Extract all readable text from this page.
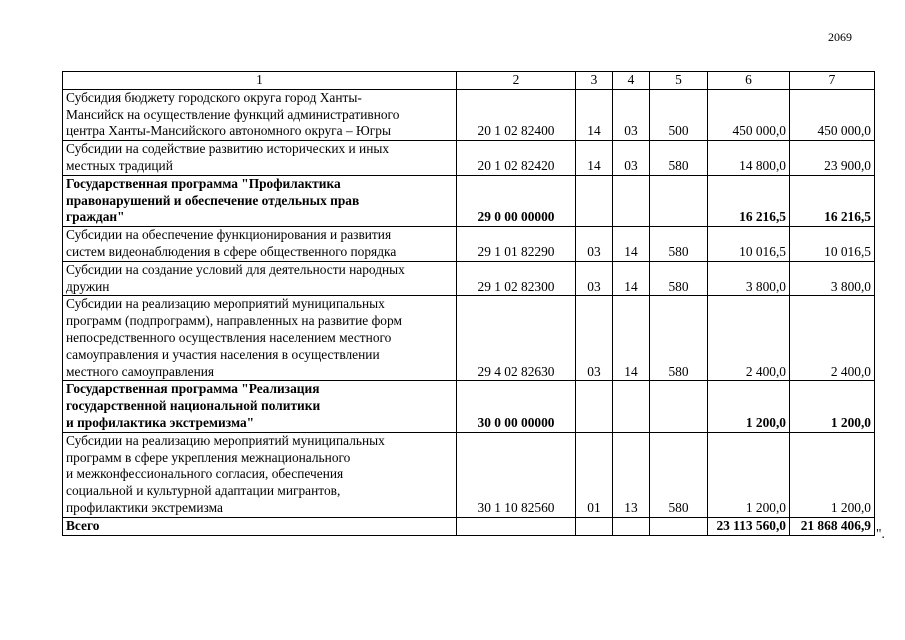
2069
1	2	3	4	5	6	7

Субсидия бюджету городского округа город Ханты-
Мансийск на осуществление функций административного
центра Ханты-Мансийского автономного округа – Югры	20 1 02 82400	14	03	500	450 000,0	450 000,0

Субсидии на содействие развитию исторических и иных
местных традиций	20 1 02 82420	14	03	580	14 800,0	23 900,0

Государственная программа "Профилактика
правонарушений и обеспечение отдельных прав
граждан"	29 0 00 00000				16 216,5	16 216,5

Субсидии на обеспечение функционирования и развития
систем видеонаблюдения в сфере общественного порядка	29 1 01 82290	03	14	580	10 016,5	10 016,5

Субсидии на создание условий для деятельности народных
дружин	29 1 02 82300	03	14	580	3 800,0	3 800,0

Субсидии на реализацию мероприятий муниципальных
программ (подпрограмм), направленных на развитие форм
непосредственного осуществления населением местного
самоуправления и участия населения в осуществлении
местного самоуправления	29 4 02 82630	03	14	580	2 400,0	2 400,0

Государственная программа "Реализация
государственной национальной политики
и профилактика экстремизма"	30 0 00 00000				1 200,0	1 200,0

Субсидии на реализацию мероприятий муниципальных
программ в сфере укрепления межнационального
и межконфессионального согласия, обеспечения
социальной и культурной адаптации мигрантов,
профилактики экстремизма	30 1 10 82560	01	13	580	1 200,0	1 200,0

Всего					23 113 560,0	21 868 406,9
".
